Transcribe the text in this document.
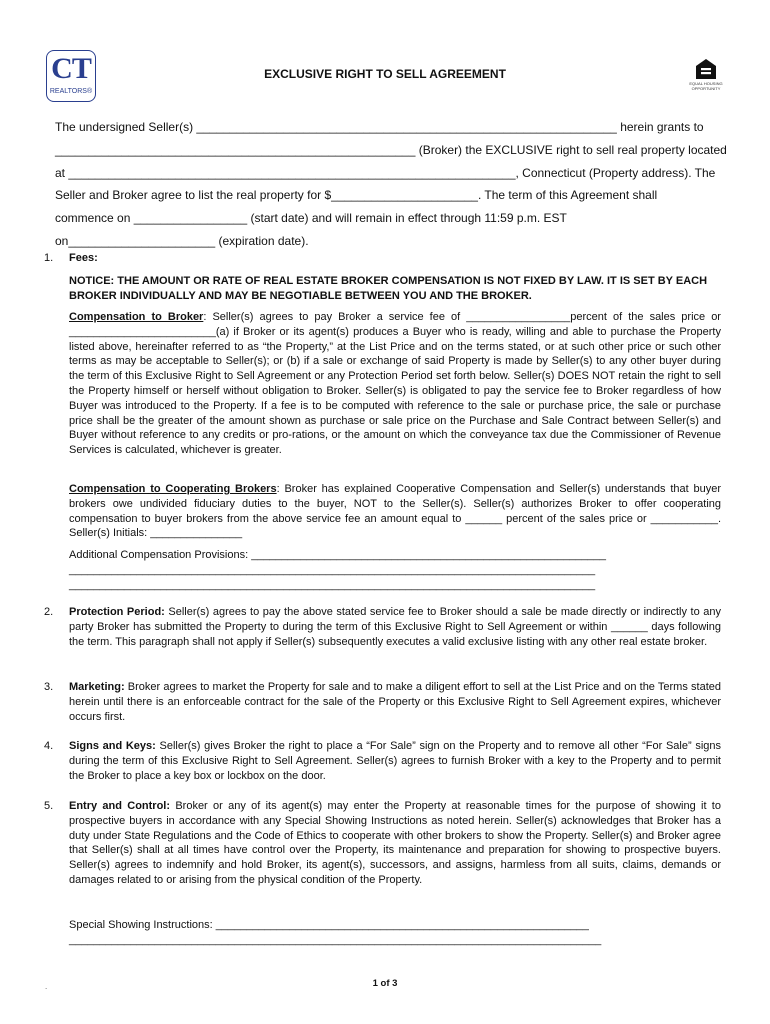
CT
REALTORS®
EQUAL HOUSING OPPORTUNITY
EXCLUSIVE RIGHT TO SELL AGREEMENT

The undersigned Seller(s) _______________________________________________________________ herein grants to

______________________________________________________ (Broker) the EXCLUSIVE right to sell real property located

at ___________________________________________________________________, Connecticut (Property address). The

Seller and Broker agree to list the real property for $______________________. The term of this Agreement shall

commence on _________________ (start date) and will remain in effect through 11:59 p.m. EST

on______________________ (expiration date).

1. Fees:
NOTICE: THE AMOUNT OR RATE OF REAL ESTATE BROKER COMPENSATION IS NOT FIXED BY LAW. IT IS SET BY EACH BROKER INDIVIDUALLY AND MAY BE NEGOTIABLE BETWEEN YOU AND THE BROKER.
Compensation to Broker: Seller(s) agrees to pay Broker a service fee of _________________percent of the sales price or ________________________(a) if Broker or its agent(s) produces a Buyer who is ready, willing and able to purchase the Property listed above, hereinafter referred to as “the Property,” at the List Price and on the terms stated, or at such other price or such other terms as may be acceptable to Seller(s); or (b) if a sale or exchange of said Property is made by Seller(s) to any other buyer during the term of this Exclusive Right to Sell Agreement or any Protection Period set forth below. Seller(s) DOES NOT retain the right to sell the Property himself or herself without obligation to Broker. Seller(s) is obligated to pay the service fee to Broker regardless of how Buyer was introduced to the Property. If a fee is to be computed with reference to the sale or purchase price, the sale or purchase price shall be the greater of the amount shown as purchase or sale price on the Purchase and Sale Contract between Seller(s) and Buyer without reference to any credits or pro-rations, or the amount on which the conveyance tax due the Commissioner of Revenue Services is calculated, whichever is greater.
Compensation to Cooperating Brokers: Broker has explained Cooperative Compensation and Seller(s) understands that buyer brokers owe undivided fiduciary duties to the buyer, NOT to the Seller(s). Seller(s) authorizes Broker to offer cooperating compensation to buyer brokers from the above service fee an amount equal to ______ percent of the sales price or ___________. Seller(s) Initials: _______________
Additional Compensation Provisions: __________________________________________________________
______________________________________________________________________________________
______________________________________________________________________________________
2. Protection Period: Seller(s) agrees to pay the above stated service fee to Broker should a sale be made directly or indirectly to any party Broker has submitted the Property to during the term of this Exclusive Right to Sell Agreement or within ______ days following the term. This paragraph shall not apply if Seller(s) subsequently executes a valid exclusive listing with any other real estate broker.
3. Marketing: Broker agrees to market the Property for sale and to make a diligent effort to sell at the List Price and on the Terms stated herein until there is an enforceable contract for the sale of the Property or this Exclusive Right to Sell Agreement expires, whichever occurs first.
4. Signs and Keys: Seller(s) gives Broker the right to place a “For Sale” sign on the Property and to remove all other “For Sale” signs during the term of this Exclusive Right to Sell Agreement. Seller(s) agrees to furnish Broker with a key to the Property and to permit the Broker to place a key box or lockbox on the door.
5. Entry and Control: Broker or any of its agent(s) may enter the Property at reasonable times for the purpose of showing it to prospective buyers in accordance with any Special Showing Instructions as noted herein. Seller(s) acknowledges that Broker has a duty under State Regulations and the Code of Ethics to cooperate with other brokers to show the Property. Seller(s) and Broker agree that Seller(s) shall at all times have control over the Property, its maintenance and preparation for showing to prospective buyers. Seller(s) agrees to indemnify and hold Broker, its agent(s), successors, and assigns, harmless from all suits, claims, demands or damages related to or arising from the physical condition of the Property.
Special Showing Instructions: _____________________________________________________________
_______________________________________________________________________________________
.	1 of 3
